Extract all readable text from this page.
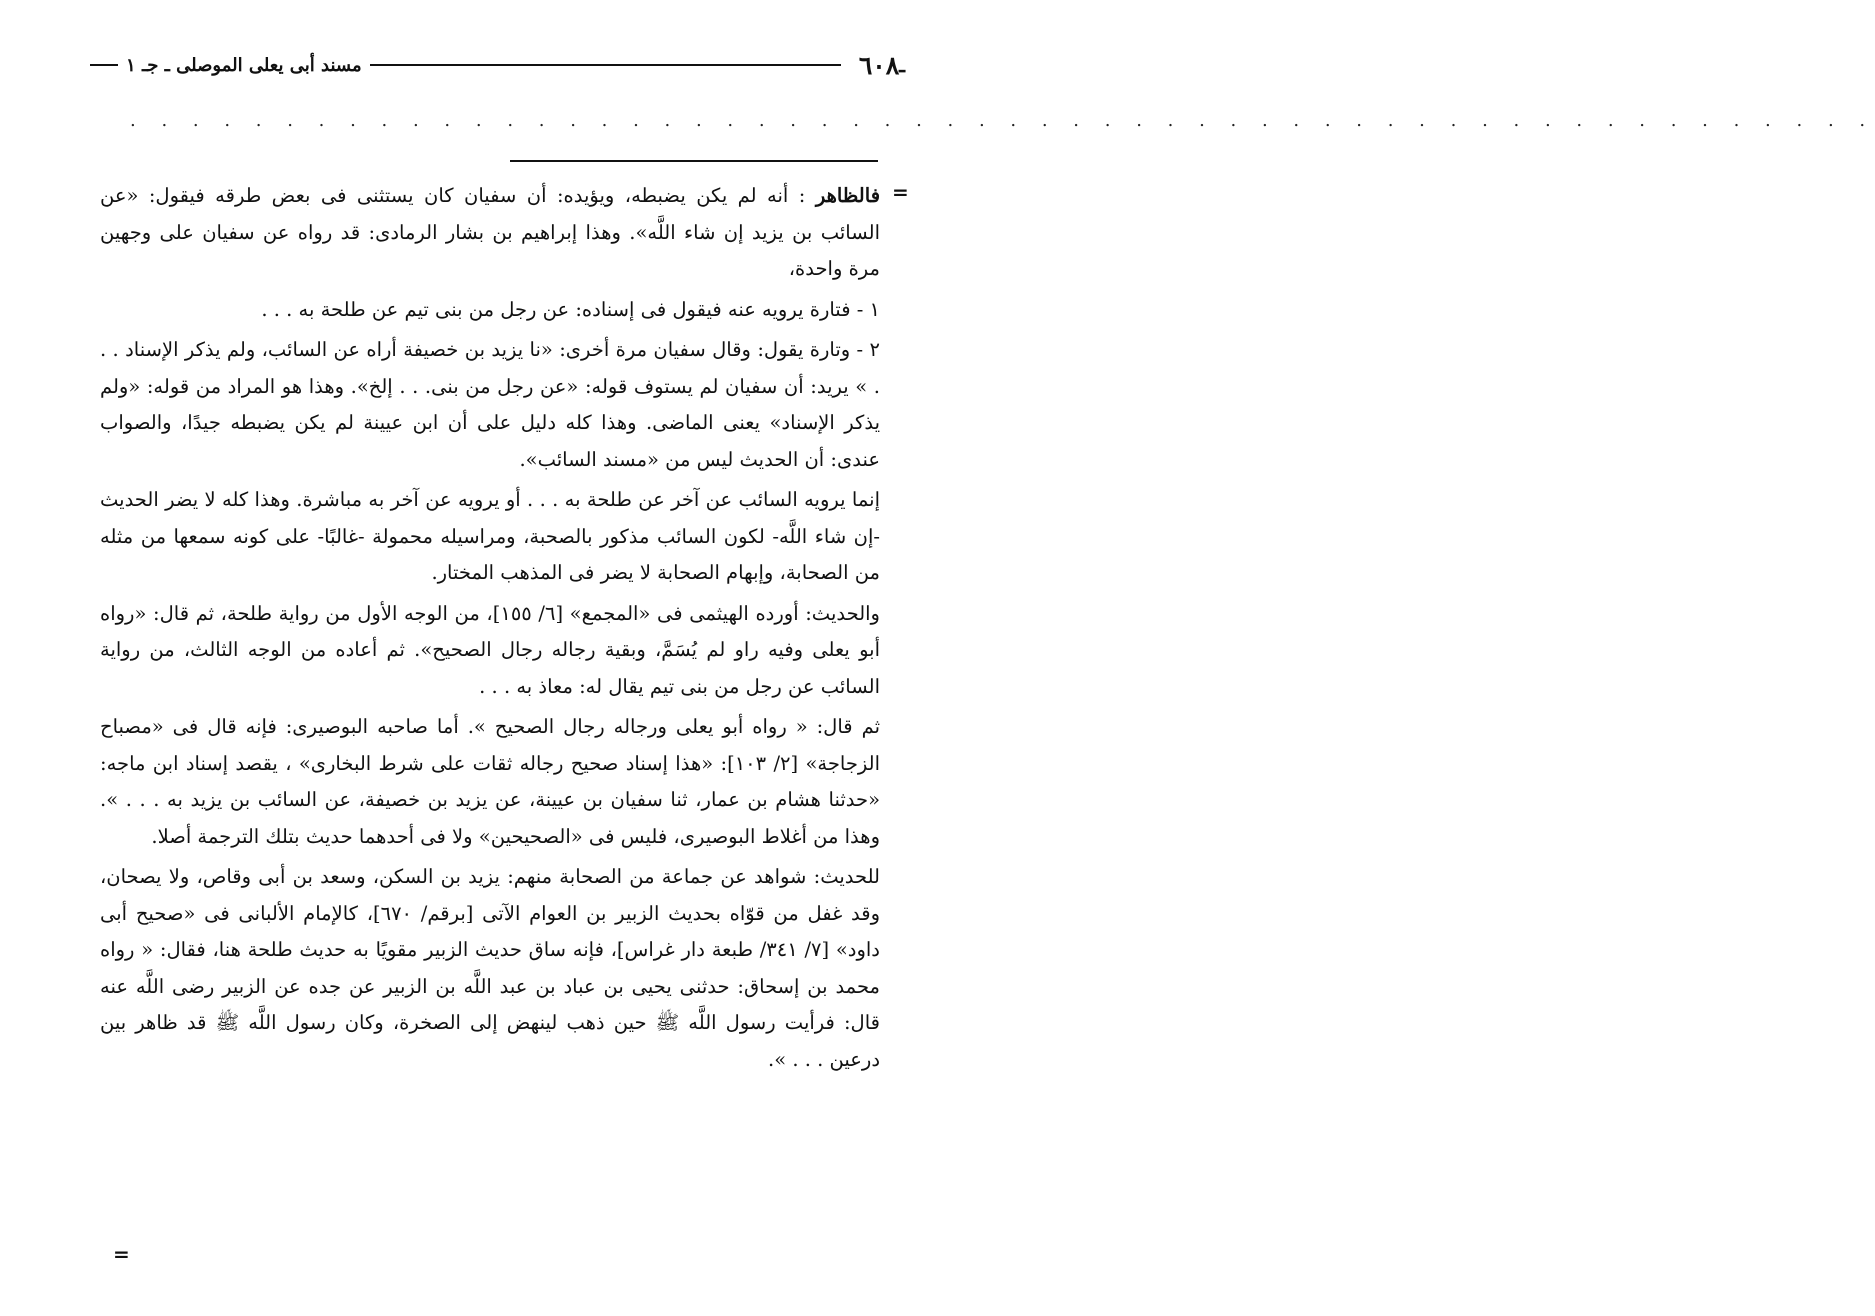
ـ
٦٠٨
مسند أبى يعلى الموصلى ـ جـ ١
. . . . . . . . . . . . . . . . . . . . . . . . . . . . . . . . . . . . . . . . . . . . . . . . . . . . . . . .
=

فالظاهر : أنه لم يكن يضبطه، ويؤيده: أن سفيان كان يستثنى فى بعض طرقه فيقول: «عن السائب بن يزيد إن شاء اللَّه». وهذا إبراهيم بن بشار الرمادى: قد رواه عن سفيان على وجهين مرة واحدة،

١ - فتارة يرويه عنه فيقول فى إسناده: عن رجل من بنى تيم عن طلحة به . . .

٢ - وتارة يقول: وقال سفيان مرة أخرى: «نا يزيد بن خصيفة أراه عن السائب، ولم يذكر الإسناد . . . » يريد: أن سفيان لم يستوف قوله: «عن رجل من بنى. . . إلخ». وهذا هو المراد من قوله: «ولم يذكر الإسناد» يعنى الماضى. وهذا كله دليل على أن ابن عيينة لم يكن يضبطه جيدًا، والصواب عندى: أن الحديث ليس من «مسند السائب».

إنما يرويه السائب عن آخر عن طلحة به . . . أو يرويه عن آخر به مباشرة. وهذا كله لا يضر الحديث -إن شاء اللَّه- لكون السائب مذكور بالصحبة، ومراسيله محمولة -غالبًا- على كونه سمعها من مثله من الصحابة، وإبهام الصحابة لا يضر فى المذهب المختار.

والحديث: أورده الهيثمى فى «المجمع» [٦/ ١٥٥]، من الوجه الأول من رواية طلحة، ثم قال: «رواه أبو يعلى وفيه راو لم يُسَمَّ، وبقية رجاله رجال الصحيح». ثم أعاده من الوجه الثالث، من رواية السائب عن رجل من بنى تيم يقال له: معاذ به . . .

ثم قال: « رواه أبو يعلى ورجاله رجال الصحيح ». أما صاحبه البوصيرى: فإنه قال فى «مصباح الزجاجة» [٢/ ١٠٣]: «هذا إسناد صحيح رجاله ثقات على شرط البخارى» ، يقصد إسناد ابن ماجه: «حدثنا هشام بن عمار، ثنا سفيان بن عيينة، عن يزيد بن خصيفة، عن السائب بن يزيد به . . . ». وهذا من أغلاط البوصيرى، فليس فى «الصحيحين» ولا فى أحدهما حديث بتلك الترجمة أصلا.

للحديث: شواهد عن جماعة من الصحابة منهم: يزيد بن السكن، وسعد بن أبى وقاص، ولا يصحان، وقد غفل من قوّاه بحديث الزبير بن العوام الآتى [برقم/ ٦٧٠]، كالإمام الألبانى فى «صحيح أبى داود» [٧/ ٣٤١/ طبعة دار غراس]، فإنه ساق حديث الزبير مقويًا به حديث طلحة هنا، فقال: « رواه محمد بن إسحاق: حدثنى يحيى بن عباد بن عبد اللَّه بن الزبير عن جده عن الزبير رضى اللَّه عنه قال: فرأيت رسول اللَّه ﷺ حين ذهب لينهض إلى الصخرة، وكان رسول اللَّه ﷺ قد ظاهر بين درعين . . . ».

=
